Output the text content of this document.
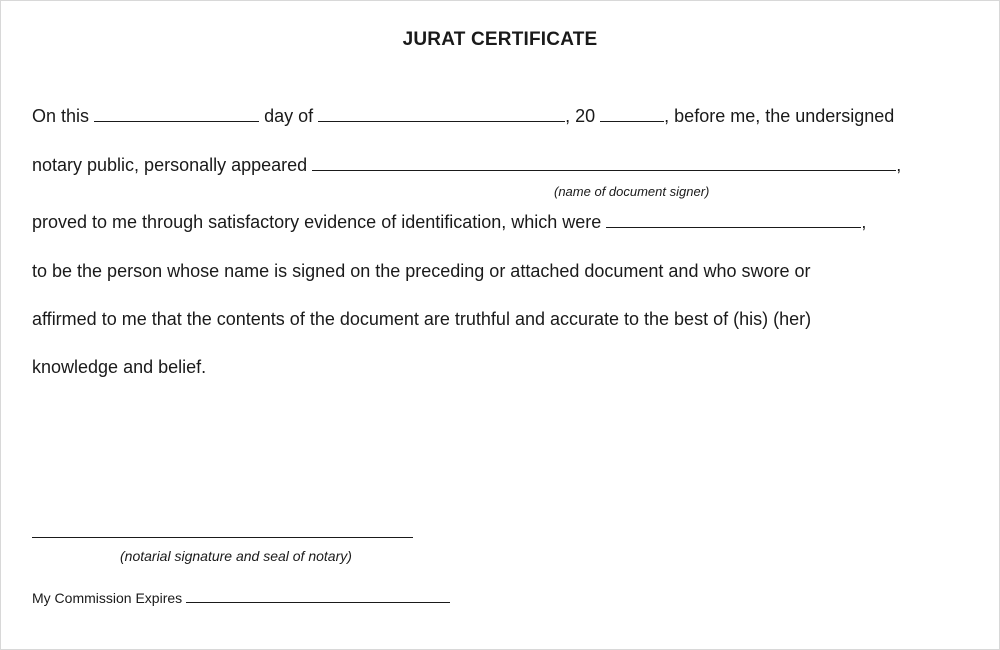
JURAT CERTIFICATE
On this	day of	, 20	, before me, the undersigned
notary public, personally appeared	,
(name of document signer)
proved to me through satisfactory evidence of identification, which were	,
to be the person whose name is signed on the preceding or attached document and who swore or
affirmed to me that the contents of the document are truthful and accurate to the best of (his) (her)
knowledge and belief.
(notarial signature and seal of notary)
My Commission Expires
